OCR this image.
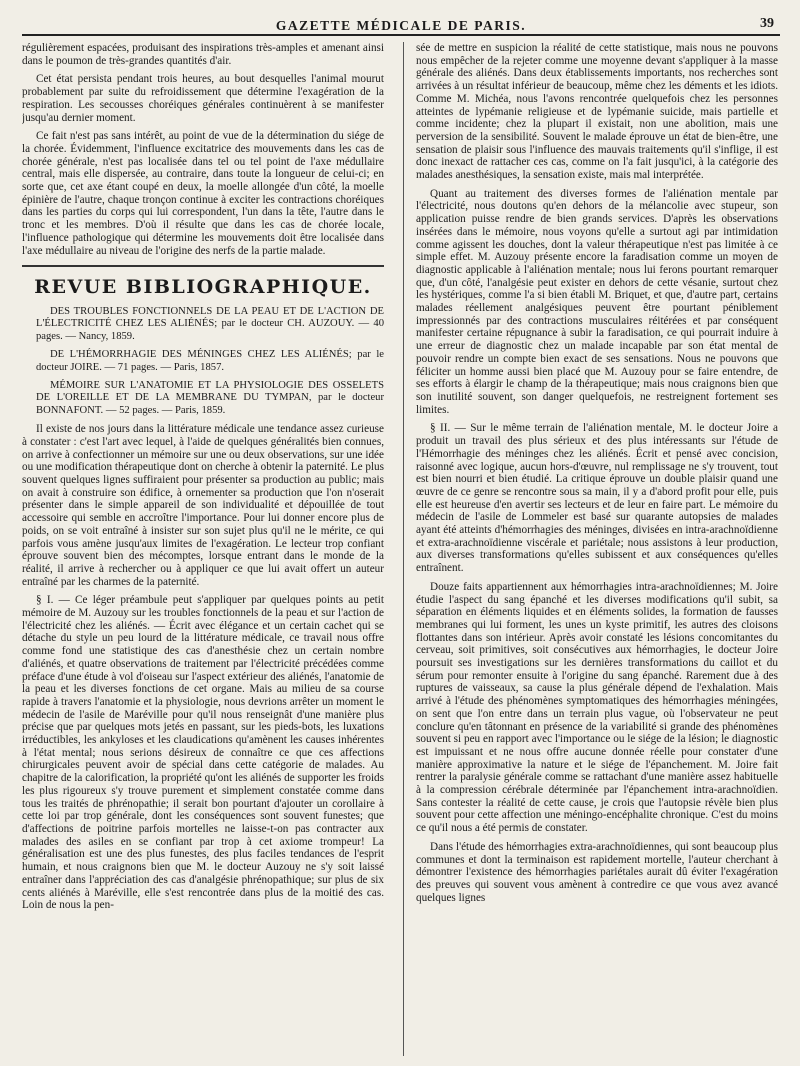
GAZETTE MÉDICALE DE PARIS.	39

régulièrement espacées, produisant des inspirations très-amples et amenant ainsi dans le poumon de très-grandes quantités d'air.

Cet état persista pendant trois heures, au bout desquelles l'animal mourut probablement par suite du refroidissement que détermine l'exagération de la respiration. Les secousses choréiques générales continuèrent à se manifester jusqu'au dernier moment.

Ce fait n'est pas sans intérêt, au point de vue de la détermination du siége de la chorée. Évidemment, l'influence excitatrice des mouvements dans les cas de chorée générale, n'est pas localisée dans tel ou tel point de l'axe médullaire central, mais elle dispersée, au contraire, dans toute la longueur de celui-ci; en sorte que, cet axe étant coupé en deux, la moelle allongée d'un côté, la moelle épinière de l'autre, chaque tronçon continue à exciter les contractions choréiques dans les parties du corps qui lui correspondent, l'un dans la tête, l'autre dans le tronc et les membres. D'où il résulte que dans les cas de chorée locale, l'influence pathologique qui détermine les mouvements doit être localisée dans l'axe médullaire au niveau de l'origine des nerfs de la partie malade.

REVUE BIBLIOGRAPHIQUE.

DES TROUBLES FONCTIONNELS DE LA PEAU ET DE L'ACTION DE L'ÉLECTRICITÉ CHEZ LES ALIÉNÉS; par le docteur CH. AUZOUY. — 40 pages. — Nancy, 1859.

DE L'HÉMORRHAGIE DES MÉNINGES CHEZ LES ALIÉNÉS; par le docteur JOIRE. — 71 pages. — Paris, 1857.

MÉMOIRE SUR L'ANATOMIE ET LA PHYSIOLOGIE DES OSSELETS DE L'OREILLE ET DE LA MEMBRANE DU TYMPAN, par le docteur BONNAFONT. — 52 pages. — Paris, 1859.

Il existe de nos jours dans la littérature médicale une tendance assez curieuse à constater : c'est l'art avec lequel, à l'aide de quelques généralités bien connues, on arrive à confectionner un mémoire sur une ou deux observations, sur une idée ou une modification thérapeutique dont on cherche à obtenir la paternité. Le plus souvent quelques lignes suffiraient pour présenter sa production au public; mais on avait à construire son édifice, à ornementer sa production que l'on n'oserait présenter dans le simple appareil de son individualité et dépouillée de tout accessoire qui semble en accroître l'importance. Pour lui donner encore plus de poids, on se voit entraîné à insister sur son sujet plus qu'il ne le mérite, ce qui parfois vous amène jusqu'aux limites de l'exagération. Le lecteur trop confiant éprouve souvent bien des mécomptes, lorsque entrant dans le monde de la réalité, il arrive à rechercher ou à appliquer ce que lui avait offert un auteur entraîné par les charmes de la paternité.

§ I. — Ce léger préambule peut s'appliquer par quelques points au petit mémoire de M. Auzouy sur les troubles fonctionnels de la peau et sur l'action de l'électricité chez les aliénés. — Écrit avec élégance et un certain cachet qui se détache du style un peu lourd de la littérature médicale, ce travail nous offre comme fond une statistique des cas d'anesthésie chez un certain nombre d'aliénés, et quatre observations de traitement par l'électricité précédées comme préface d'une étude à vol d'oiseau sur l'aspect extérieur des aliénés, l'anatomie de la peau et les diverses fonctions de cet organe. Mais au milieu de sa course rapide à travers l'anatomie et la physiologie, nous devrions arrêter un moment le médecin de l'asile de Maréville pour qu'il nous renseignât d'une manière plus précise que par quelques mots jetés en passant, sur les pieds-bots, les luxations irréductibles, les ankyloses et les claudications qu'amènent les causes inhérentes à l'état mental; nous serions désireux de connaître ce que ces affections chirurgicales peuvent avoir de spécial dans cette catégorie de malades. Au chapitre de la calorification, la propriété qu'ont les aliénés de supporter les froids les plus rigoureux s'y trouve purement et simplement constatée comme dans tous les traités de phrénopathie; il serait bon pourtant d'ajouter un corollaire à cette loi par trop générale, dont les conséquences sont souvent funestes; que d'affections de poitrine parfois mortelles ne laisse-t-on pas contracter aux malades des asiles en se confiant par trop à cet axiome trompeur! La généralisation est une des plus funestes, des plus faciles tendances de l'esprit humain, et nous craignons bien que M. le docteur Auzouy ne s'y soit laissé entraîner dans l'appréciation des cas d'analgésie phrénopathique; sur plus de six cents aliénés à Maréville, elle s'est rencontrée dans plus de la moitié des cas. Loin de nous la pen-

sée de mettre en suspicion la réalité de cette statistique, mais nous ne pouvons nous empêcher de la rejeter comme une moyenne devant s'appliquer à la masse générale des aliénés. Dans deux établissements importants, nos recherches sont arrivées à un résultat inférieur de beaucoup, même chez les déments et les idiots. Comme M. Michéa, nous l'avons rencontrée quelquefois chez les personnes atteintes de lypémanie religieuse et de lypémanie suicide, mais partielle et comme incidente; chez la plupart il existait, non une abolition, mais une perversion de la sensibilité. Souvent le malade éprouve un état de bien-être, une sensation de plaisir sous l'influence des mauvais traitements qu'il s'inflige, il est donc inexact de rattacher ces cas, comme on l'a fait jusqu'ici, à la catégorie des malades anesthésiques, la sensation existe, mais mal interprétée.

Quant au traitement des diverses formes de l'aliénation mentale par l'électricité, nous doutons qu'en dehors de la mélancolie avec stupeur, son application puisse rendre de bien grands services. D'après les observations insérées dans le mémoire, nous voyons qu'elle a surtout agi par intimidation comme agissent les douches, dont la valeur thérapeutique n'est pas limitée à ce simple effet. M. Auzouy présente encore la faradisation comme un moyen de diagnostic applicable à l'aliénation mentale; nous lui ferons pourtant remarquer que, d'un côté, l'analgésie peut exister en dehors de cette vésanie, surtout chez les hystériques, comme l'a si bien établi M. Briquet, et que, d'autre part, certains malades réellement analgésiques peuvent être pourtant péniblement impressionnés par des contractions musculaires réitérées et par conséquent manifester certaine répugnance à subir la faradisation, ce qui pourrait induire à une erreur de diagnostic chez un malade incapable par son état mental de pouvoir rendre un compte bien exact de ses sensations. Nous ne pouvons que féliciter un homme aussi bien placé que M. Auzouy pour se faire entendre, de ses efforts à élargir le champ de la thérapeutique; mais nous craignons bien que son inutilité souvent, son danger quelquefois, ne restreignent fortement ses limites.

§ II. — Sur le même terrain de l'aliénation mentale, M. le docteur Joire a produit un travail des plus sérieux et des plus intéressants sur l'étude de l'Hémorrhagie des méninges chez les aliénés. Écrit et pensé avec concision, raisonné avec logique, aucun hors-d'œuvre, nul remplissage ne s'y trouvent, tout est bien nourri et bien étudié. La critique éprouve un double plaisir quand une œuvre de ce genre se rencontre sous sa main, il y a d'abord profit pour elle, puis elle est heureuse d'en avertir ses lecteurs et de leur en faire part. Le mémoire du médecin de l'asile de Lommeler est basé sur quarante autopsies de malades ayant été atteints d'hémorrhagies des méninges, divisées en intra-arachnoïdienne et extra-arachnoïdienne viscérale et pariétale; nous assistons à leur production, aux diverses transformations qu'elles subissent et aux conséquences qu'elles entraînent.

Douze faits appartiennent aux hémorrhagies intra-arachnoïdiennes; M. Joire étudie l'aspect du sang épanché et les diverses modifications qu'il subit, sa séparation en éléments liquides et en éléments solides, la formation de fausses membranes qui lui forment, les unes un kyste primitif, les autres des cloisons flottantes dans son intérieur. Après avoir constaté les lésions concomitantes du cerveau, soit primitives, soit consécutives aux hémorrhagies, le docteur Joire poursuit ses investigations sur les dernières transformations du caillot et du sérum pour remonter ensuite à l'origine du sang épanché. Rarement due à des ruptures de vaisseaux, sa cause la plus générale dépend de l'exhalation. Mais arrivé à l'étude des phénomènes symptomatiques des hémorrhagies méningées, on sent que l'on entre dans un terrain plus vague, où l'observateur ne peut conclure qu'en tâtonnant en présence de la variabilité si grande des phénomènes souvent si peu en rapport avec l'importance ou le siége de la lésion; le diagnostic est impuissant et ne nous offre aucune donnée réelle pour constater d'une manière approximative la nature et le siége de l'épanchement. M. Joire fait rentrer la paralysie générale comme se rattachant d'une manière assez habituelle à la compression cérébrale déterminée par l'épanchement intra-arachnoïdien. Sans contester la réalité de cette cause, je crois que l'autopsie révèle bien plus souvent pour cette affection une méningo-encéphalite chronique. C'est du moins ce qu'il nous a été permis de constater.

Dans l'étude des hémorrhagies extra-arachnoïdiennes, qui sont beaucoup plus communes et dont la terminaison est rapidement mortelle, l'auteur cherchant à démontrer l'existence des hémorrhagies pariétales aurait dû éviter l'exagération des preuves qui souvent vous amènent à contredire ce que vous avez avancé quelques lignes
